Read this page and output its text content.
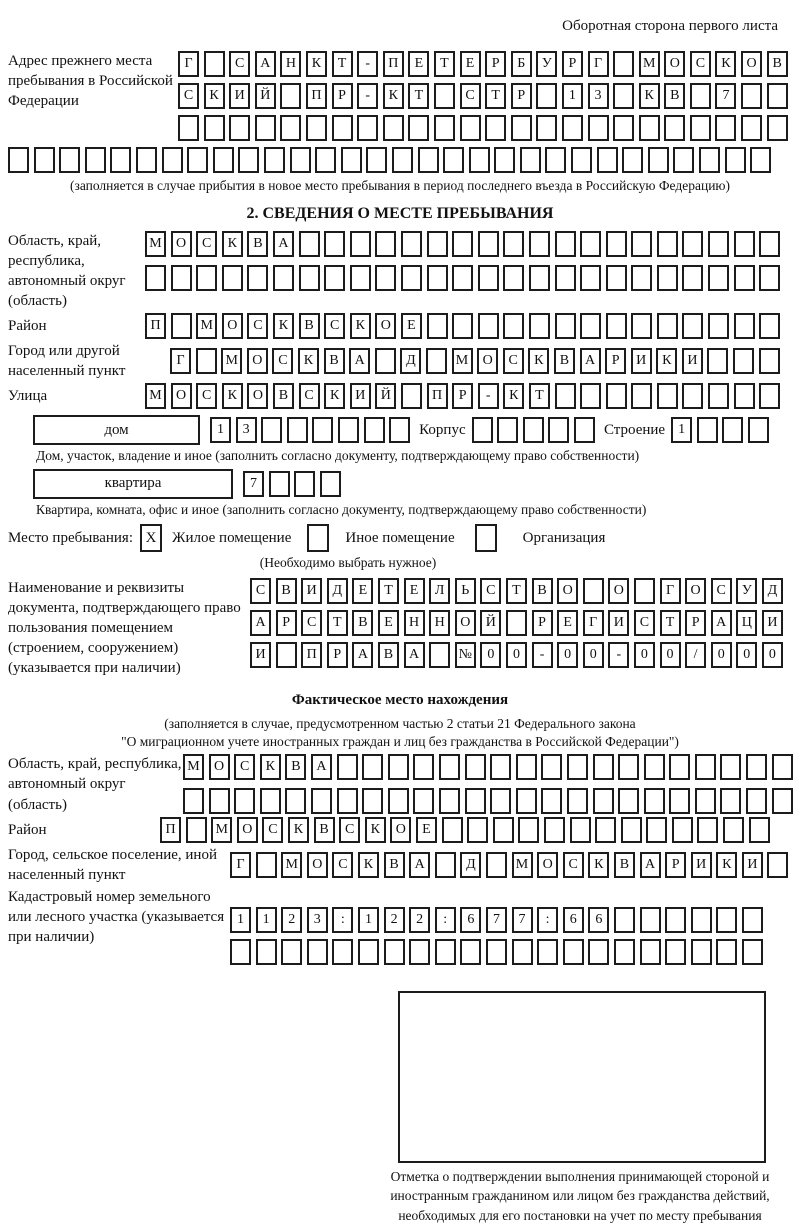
Оборотная сторона первого листа
Адрес прежнего места пребывания в Российской Федерации
Г	С	А	Н	К	Т	-	П	Е	Т	Е	Р	Б	У	Р	Г	М	О	С	К	О	В
С	К	И	Й	П	Р	-	К	Т	С	Т	Р	1	3	К	В	7
(заполняется в случае прибытия в новое место пребывания в период последнего въезда в Российскую Федерацию)
2. СВЕДЕНИЯ О МЕСТЕ ПРЕБЫВАНИЯ
Область, край, республика, автономный округ (область)
М	О	С	К	В	А
Район	П	М	О	С	К	В	С	К	О	Е
Город или другой населенный пункт
Г	М	О	С	К	В	А	Д	М	О	С	К	В	А	Р	И	К	И
Улица	М	О	С	К	О	В	С	К	И	Й	П	Р	-	К	Т
дом	1	3	Корпус	Строение 1
Дом, участок, владение и иное (заполнить согласно документу, подтверждающему право собственности)
квартира	7
Квартира, комната, офис и иное (заполнить согласно документу, подтверждающему право собственности)
Место пребывания: X	Жилое помещение	Иное помещение	Организация
(Необходимо выбрать нужное)
Наименование и реквизиты документа, подтверждающего право пользования помещением (строением, сооружением) (указывается при наличии)
С	В	И	Д	Е	Т	Е	Л	Ь	С	Т	В	О	О	Г	О	С	У	Д
А	Р	С	Т	В	Е	Н	Н	О	Й	Р	Е	Г	И	С	Т	Р	А	Ц	И
И	П	Р	А	В	А	№	0	0	-	0	0	-	0	0	/	0	0	0
Фактическое место нахождения
(заполняется в случае, предусмотренном частью 2 статьи 21 Федерального закона
"О миграционном учете иностранных граждан и лиц без гражданства в Российской Федерации")
Область, край, республика, автономный округ (область)
М	О	С	К	В	А
Район	П	М	О	С	К	В	С	К	О	Е
Город, сельское поселение, иной населенный пункт
Г	М	О	С	К	В	А	Д	М	О	С	К	В	А	Р	И	К	И
Кадастровый номер земельного или лесного участка (указывается при наличии)
1	1	2	3	:	1	2	2	:	6	7	7	:	6	6
Отметка о подтверждении выполнения принимающей стороной и иностранным гражданином или лицом без гражданства действий, необходимых для его постановки на учет по месту пребывания
